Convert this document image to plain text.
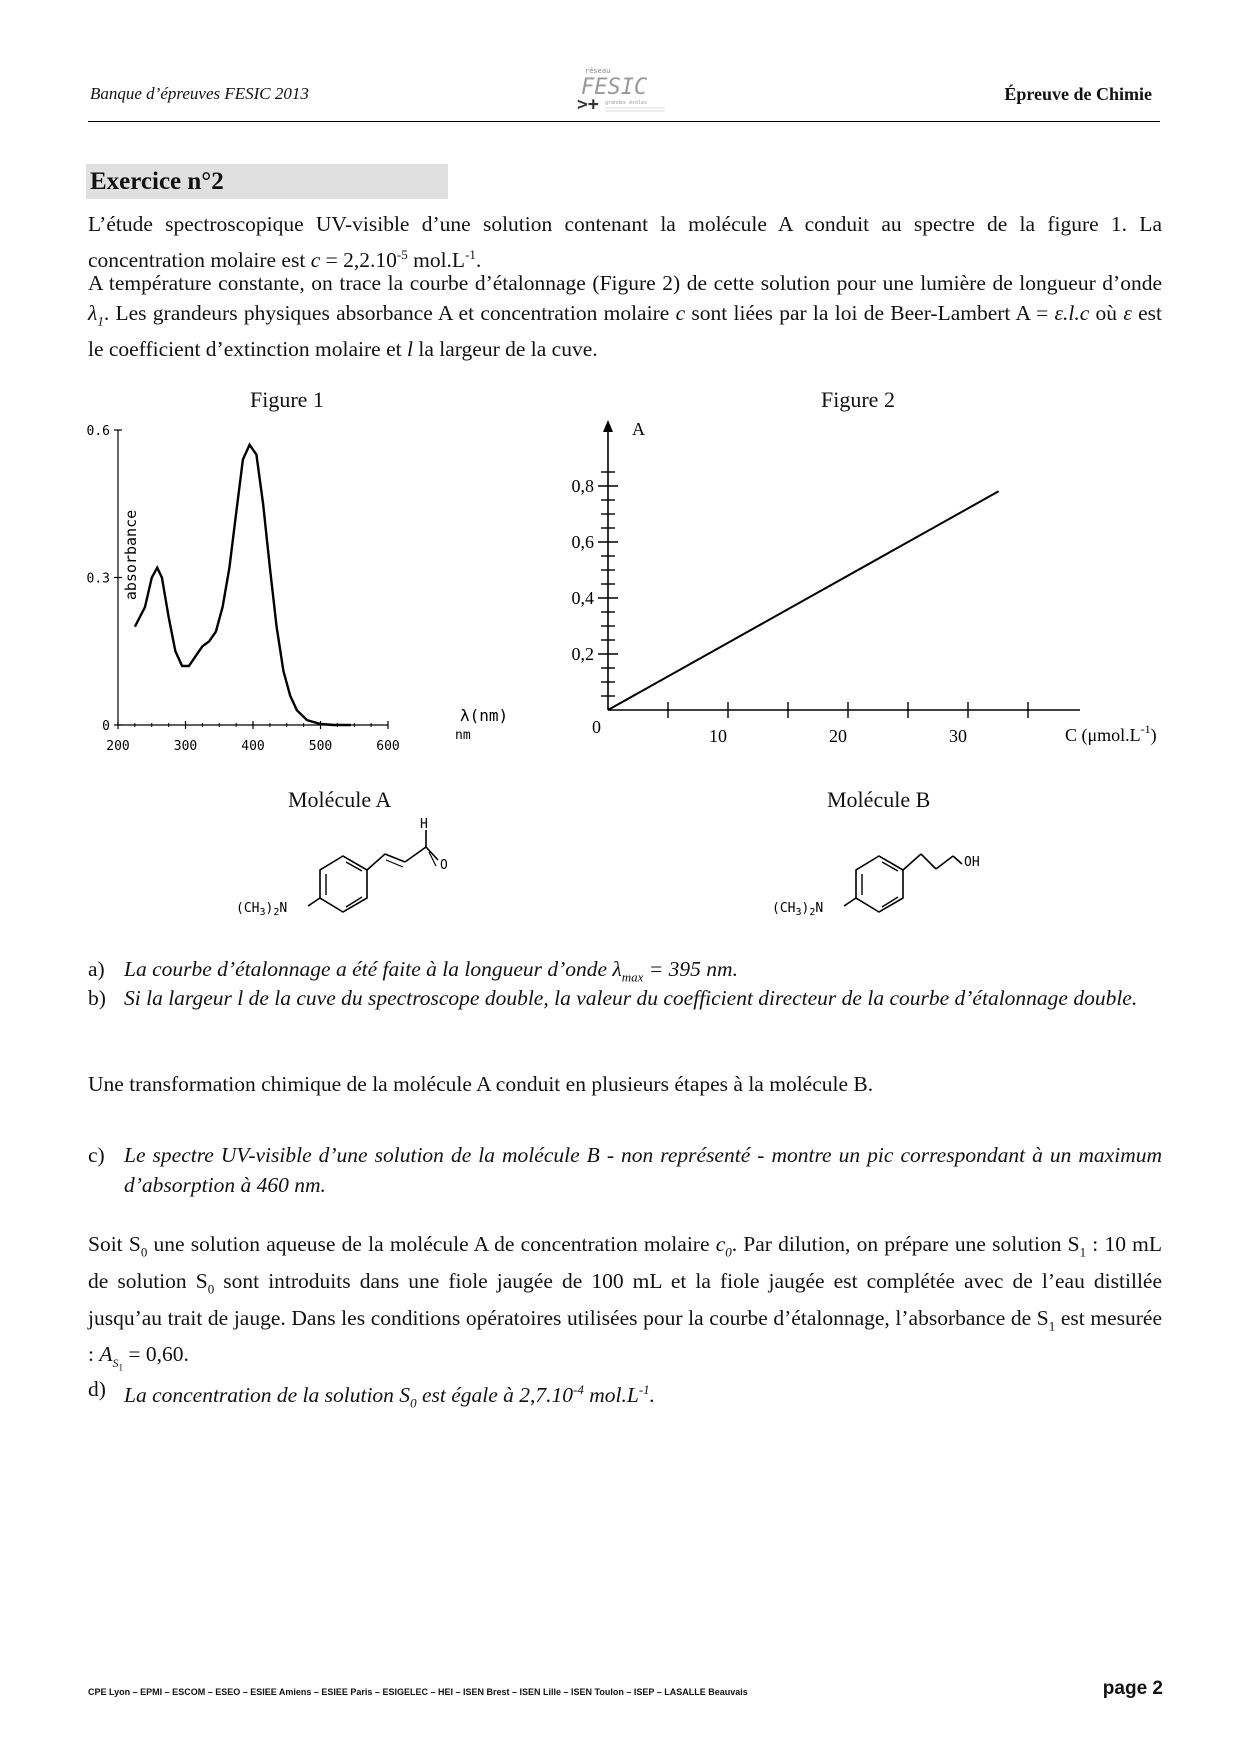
Banque d’épreuves FESIC 2013
réseau
FESIC
>+ grandes écoles	Épreuve de Chimie
Exercice n°2
L’étude spectroscopique UV-visible d’une solution contenant la molécule A conduit au spectre de la figure 1. La concentration molaire est $c = 2,2.10^{-5}$ $mol.L^{-1}$.
A température constante, on trace la courbe d’étalonnage (Figure 2) de cette solution pour une lumière de longueur d’onde $\lambda_1$. Les grandeurs physiques absorbance A et concentration molaire c sont liées par la loi de Beer-Lambert A = ε.l.c où ε est le coefficient d’extinction molaire et l la largeur de la cuve.
Figure 1	Figure 2
0.6
0.3
0
200	300	400	500	600
absorbance
λ(nm)
nm
0,8
0,6
0,4
0,2
10	20	30
A
0	C $(\mu mol.L^{-1})$
Molécule A	Molécule B
H
O
$(CH_3)_2N$
OH
$(CH_3)_2N$
a) La courbe d’étalonnage a été faite à la longueur d’onde $\lambda_{max} = 395$ nm.
b) Si la largeur l de la cuve du spectroscope double, la valeur du coefficient directeur de la courbe d’étalonnage double.
Une transformation chimique de la molécule A conduit en plusieurs étapes à la molécule B.
c) Le spectre UV-visible d’une solution de la molécule B - non représenté - montre un pic correspondant à un maximum d’absorption à 460 nm.
Soit $S_0$ une solution aqueuse de la molécule A de concentration molaire $c_0$. Par dilution, on prépare une solution $S_1$ : 10 mL de solution $S_0$ sont introduits dans une fiole jaugée de 100 mL et la fiole jaugée est complétée avec de l’eau distillée jusqu’au trait de jauge. Dans les conditions opératoires utilisées pour la courbe d’étalonnage, l’absorbance de $S_1$ est mesurée : $A_{S_1} = 0,60$.
d) La concentration de la solution $S_0$ est égale à $2,7.10^{-4}$ $mol.L^{-1}$.
CPE Lyon – EPMI – ESCOM – ESEO – ESIEE Amiens – ESIEE Paris – ESIGELEC – HEI – ISEN Brest – ISEN Lille – ISEN Toulon – ISEP – LASALLE Beauvais	page 2
